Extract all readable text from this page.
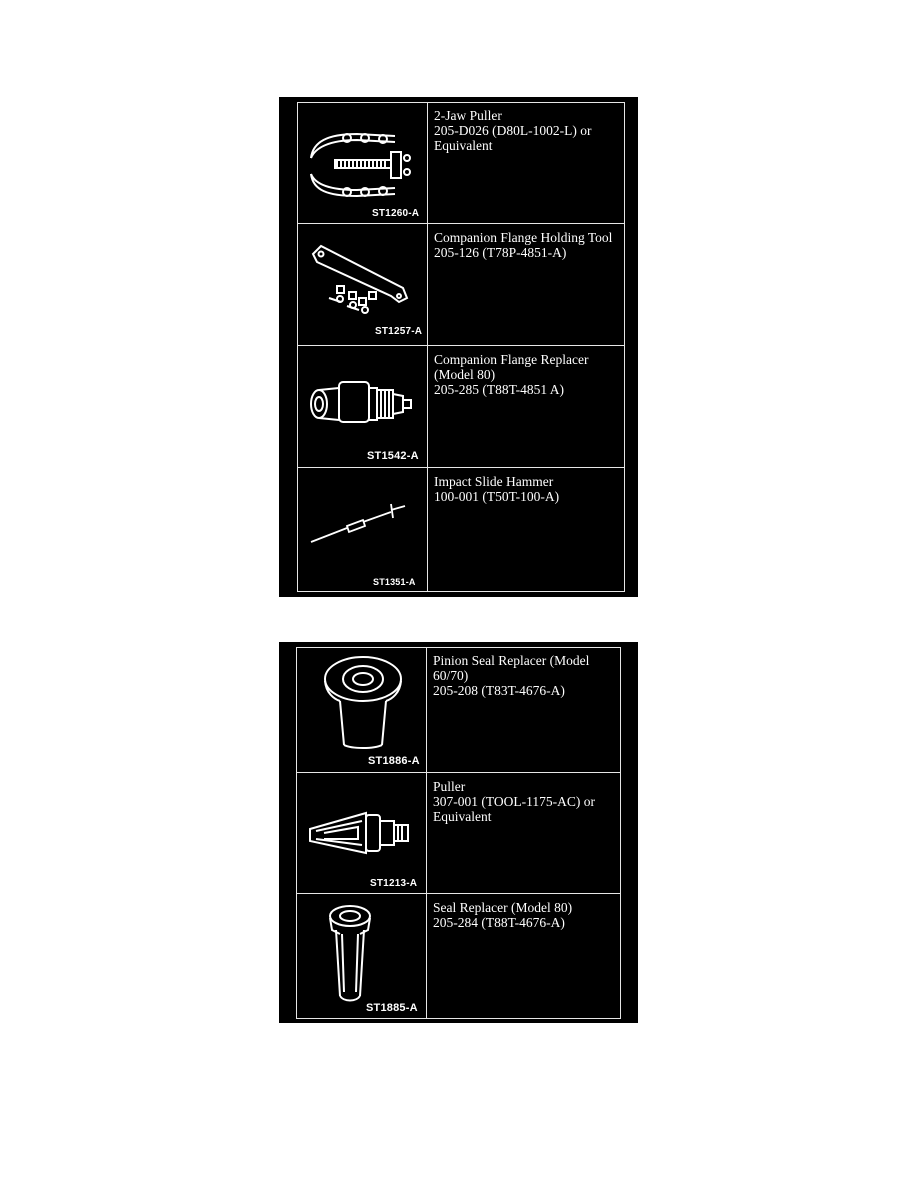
ST1260-A
2-Jaw Puller
205-D026 (D80L-1002-L) or
Equivalent
ST1257-A
Companion Flange Holding Tool
205-126 (T78P-4851-A)
ST1542-A
Companion Flange Replacer
(Model 80)
205-285 (T88T-4851 A)
ST1351-A
Impact Slide Hammer
100-001 (T50T-100-A)
ST1886-A
Pinion Seal Replacer (Model
60/70)
205-208 (T83T-4676-A)
ST1213-A
Puller
307-001 (TOOL-1175-AC) or
Equivalent
ST1885-A
Seal Replacer (Model 80)
205-284 (T88T-4676-A)
